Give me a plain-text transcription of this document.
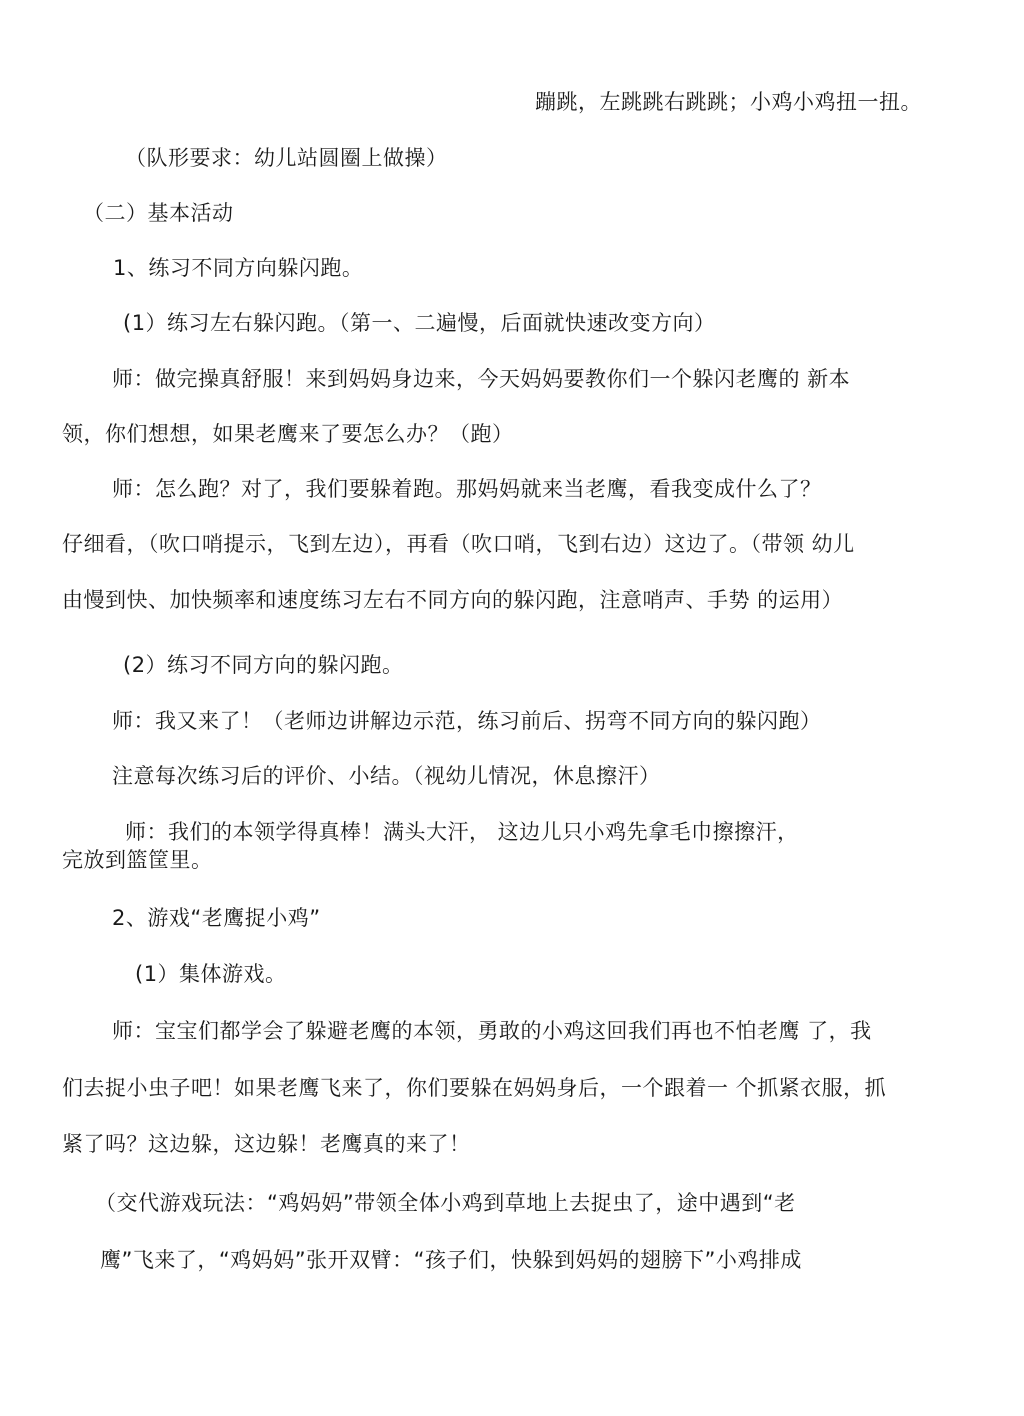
蹦跳，左跳跳右跳跳；小鸡小鸡扭一扭。
（队形要求：幼儿站圆圈上做操）
（二）基本活动
1、练习不同方向躲闪跑。
(1）练习左右躲闪跑。（第一、二遍慢，后面就快速改变方向）
师：做完操真舒服！来到妈妈身边来，今天妈妈要教你们一个躲闪老鹰的 新本
领，你们想想，如果老鹰来了要怎么办？（跑）
师：怎么跑？对了，我们要躲着跑。那妈妈就来当老鹰，看我变成什么了？
仔细看，（吹口哨提示，飞到左边），再看（吹口哨，飞到右边）这边了。（带领 幼儿
由慢到快、加快频率和速度练习左右不同方向的躲闪跑，注意哨声、手势 的运用）
(2）练习不同方向的躲闪跑。
师：我又来了！（老师边讲解边示范，练习前后、拐弯不同方向的躲闪跑）
注意每次练习后的评价、小结。（视幼儿情况，休息擦汗）
师：我们的本领学得真棒！满头大汗， 这边儿只小鸡先拿毛巾擦擦汗，
完放到篮筐里。
2、游戏“老鹰捉小鸡”
(1）集体游戏。
师：宝宝们都学会了躲避老鹰的本领，勇敢的小鸡这回我们再也不怕老鹰 了，我
们去捉小虫子吧！如果老鹰飞来了，你们要躲在妈妈身后，一个跟着一 个抓紧衣服，抓
紧了吗？这边躲，这边躲！老鹰真的来了！
（交代游戏玩法：“鸡妈妈”带领全体小鸡到草地上去捉虫了，途中遇到“老
鹰”飞来了，“鸡妈妈”张开双臂：“孩子们，快躲到妈妈的翅膀下”小鸡排成
